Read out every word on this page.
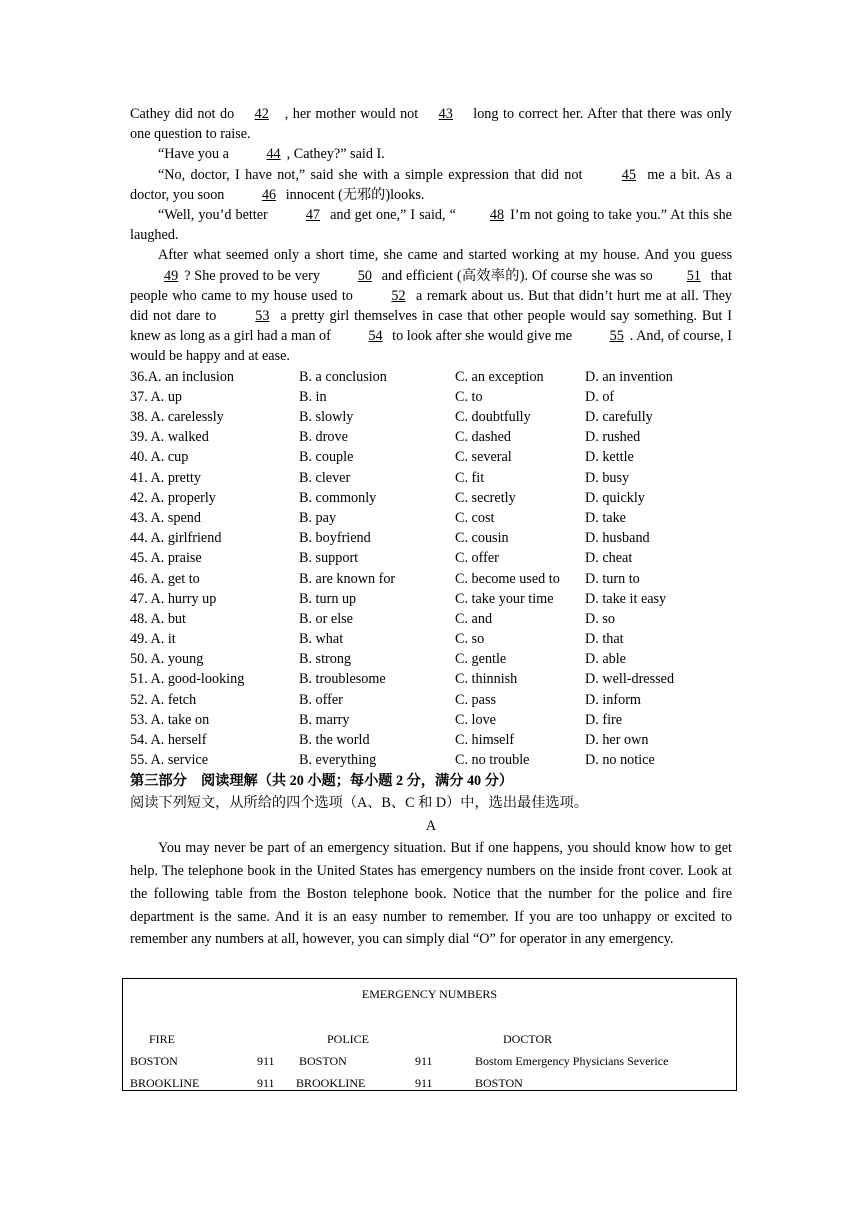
Cathey did not do 42 , her mother would not 43 long to correct her. After that there was only one question to raise.

“Have you a 44 , Cathey?” said I.

“No, doctor, I have not,” said she with a simple expression that did not 45 me a bit. As a doctor, you soon 46 innocent (无邪的)looks.

“Well, you’d better 47 and get one,” I said, “ 48 I’m not going to take you.” At this she laughed.

After what seemed only a short time, she came and started working at my house. And you guess 49 ? She proved to be very 50 and efficient (高效率的). Of course she was so 51 that people who came to my house used to 52 a remark about us. But that didn’t hurt me at all. They did not dare to 53 a pretty girl themselves in case that other people would say something. But I knew as long as a girl had a man of 54 to look after she would give me 55 . And, of course, I would be happy and at ease.

36.A. an inclusion	B. a conclusion	C. an exception	D. an invention
37. A. up	B. in	C. to	D. of
38. A. carelessly	B. slowly	C. doubtfully	D. carefully
39. A. walked	B. drove	C. dashed	D. rushed
40. A. cup	B. couple	C. several	D. kettle
41. A. pretty	B. clever	C. fit	D. busy
42. A. properly	B. commonly	C. secretly	D. quickly
43. A. spend	B. pay	C. cost	D. take
44. A. girlfriend	B. boyfriend	C. cousin	D. husband
45. A. praise	B. support	C. offer	D. cheat
46. A. get to	B. are known for	C. become used to	D. turn to
47. A. hurry up	B. turn up	C. take your time	D. take it easy
48. A. but	B. or else	C. and	D. so
49. A. it	B. what	C. so	D. that
50. A. young	B. strong	C. gentle	D. able
51. A. good-looking	B. troublesome	C. thinnish	D. well-dressed
52. A. fetch	B. offer	C. pass	D. inform
53. A. take on	B. marry	C. love	D. fire
54. A. herself	B. the world	C. himself	D. her own
55. A. service	B. everything	C. no trouble	D. no notice

第三部分　阅读理解（共 20 小题；每小题 2 分，满分 40 分）

阅读下列短文，从所给的四个选项（A、B、C 和 D）中，选出最佳选项。

A

You may never be part of an emergency situation. But if one happens, you should know how to get help. The telephone book in the United States has emergency numbers on the inside front cover. Look at the following table from the Boston telephone book. Notice that the number for the police and fire department is the same. And it is an easy number to remember. If you are too unhappy or excited to remember any numbers at all, however, you can simply dial “O” for operator in any emergency.

EMERGENCY NUMBERS
FIRE	POLICE	DOCTOR
BOSTON	911 BOSTON	911	Bostom Emergency Physicians Severice
BROOKLINE	911 BROOKLINE	911	BOSTON
